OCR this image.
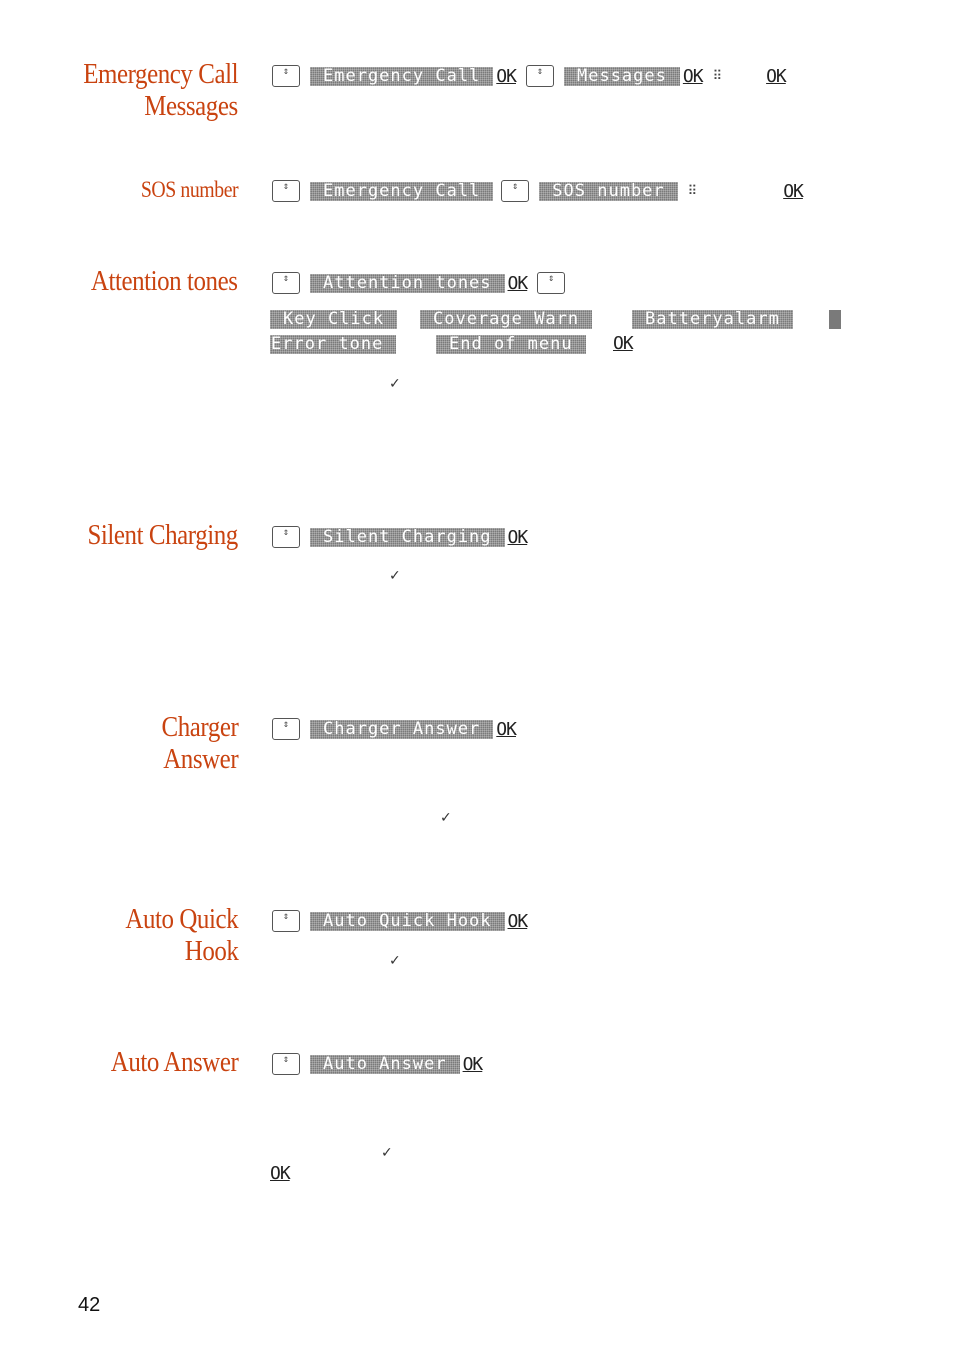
Emergency Call
Messages
⇕	Emergency Call OK	⇕	Messages OK ⠿ OK
SOS number	⇕	Emergency Call	⇕	SOS number	⠿	OK
Attention tones	⇕	Attention tones OK	⇕
Key Click	Coverage Warn	Batteryalarm
Error tone	End of menu	OK
✓
Silent Charging	⇕	Silent Charging OK
✓
Charger
Answer
⇕	Charger Answer OK
✓
Auto Quick
Hook
⇕	Auto Quick Hook OK
✓
Auto Answer	⇕	Auto Answer OK
✓
OK
42
